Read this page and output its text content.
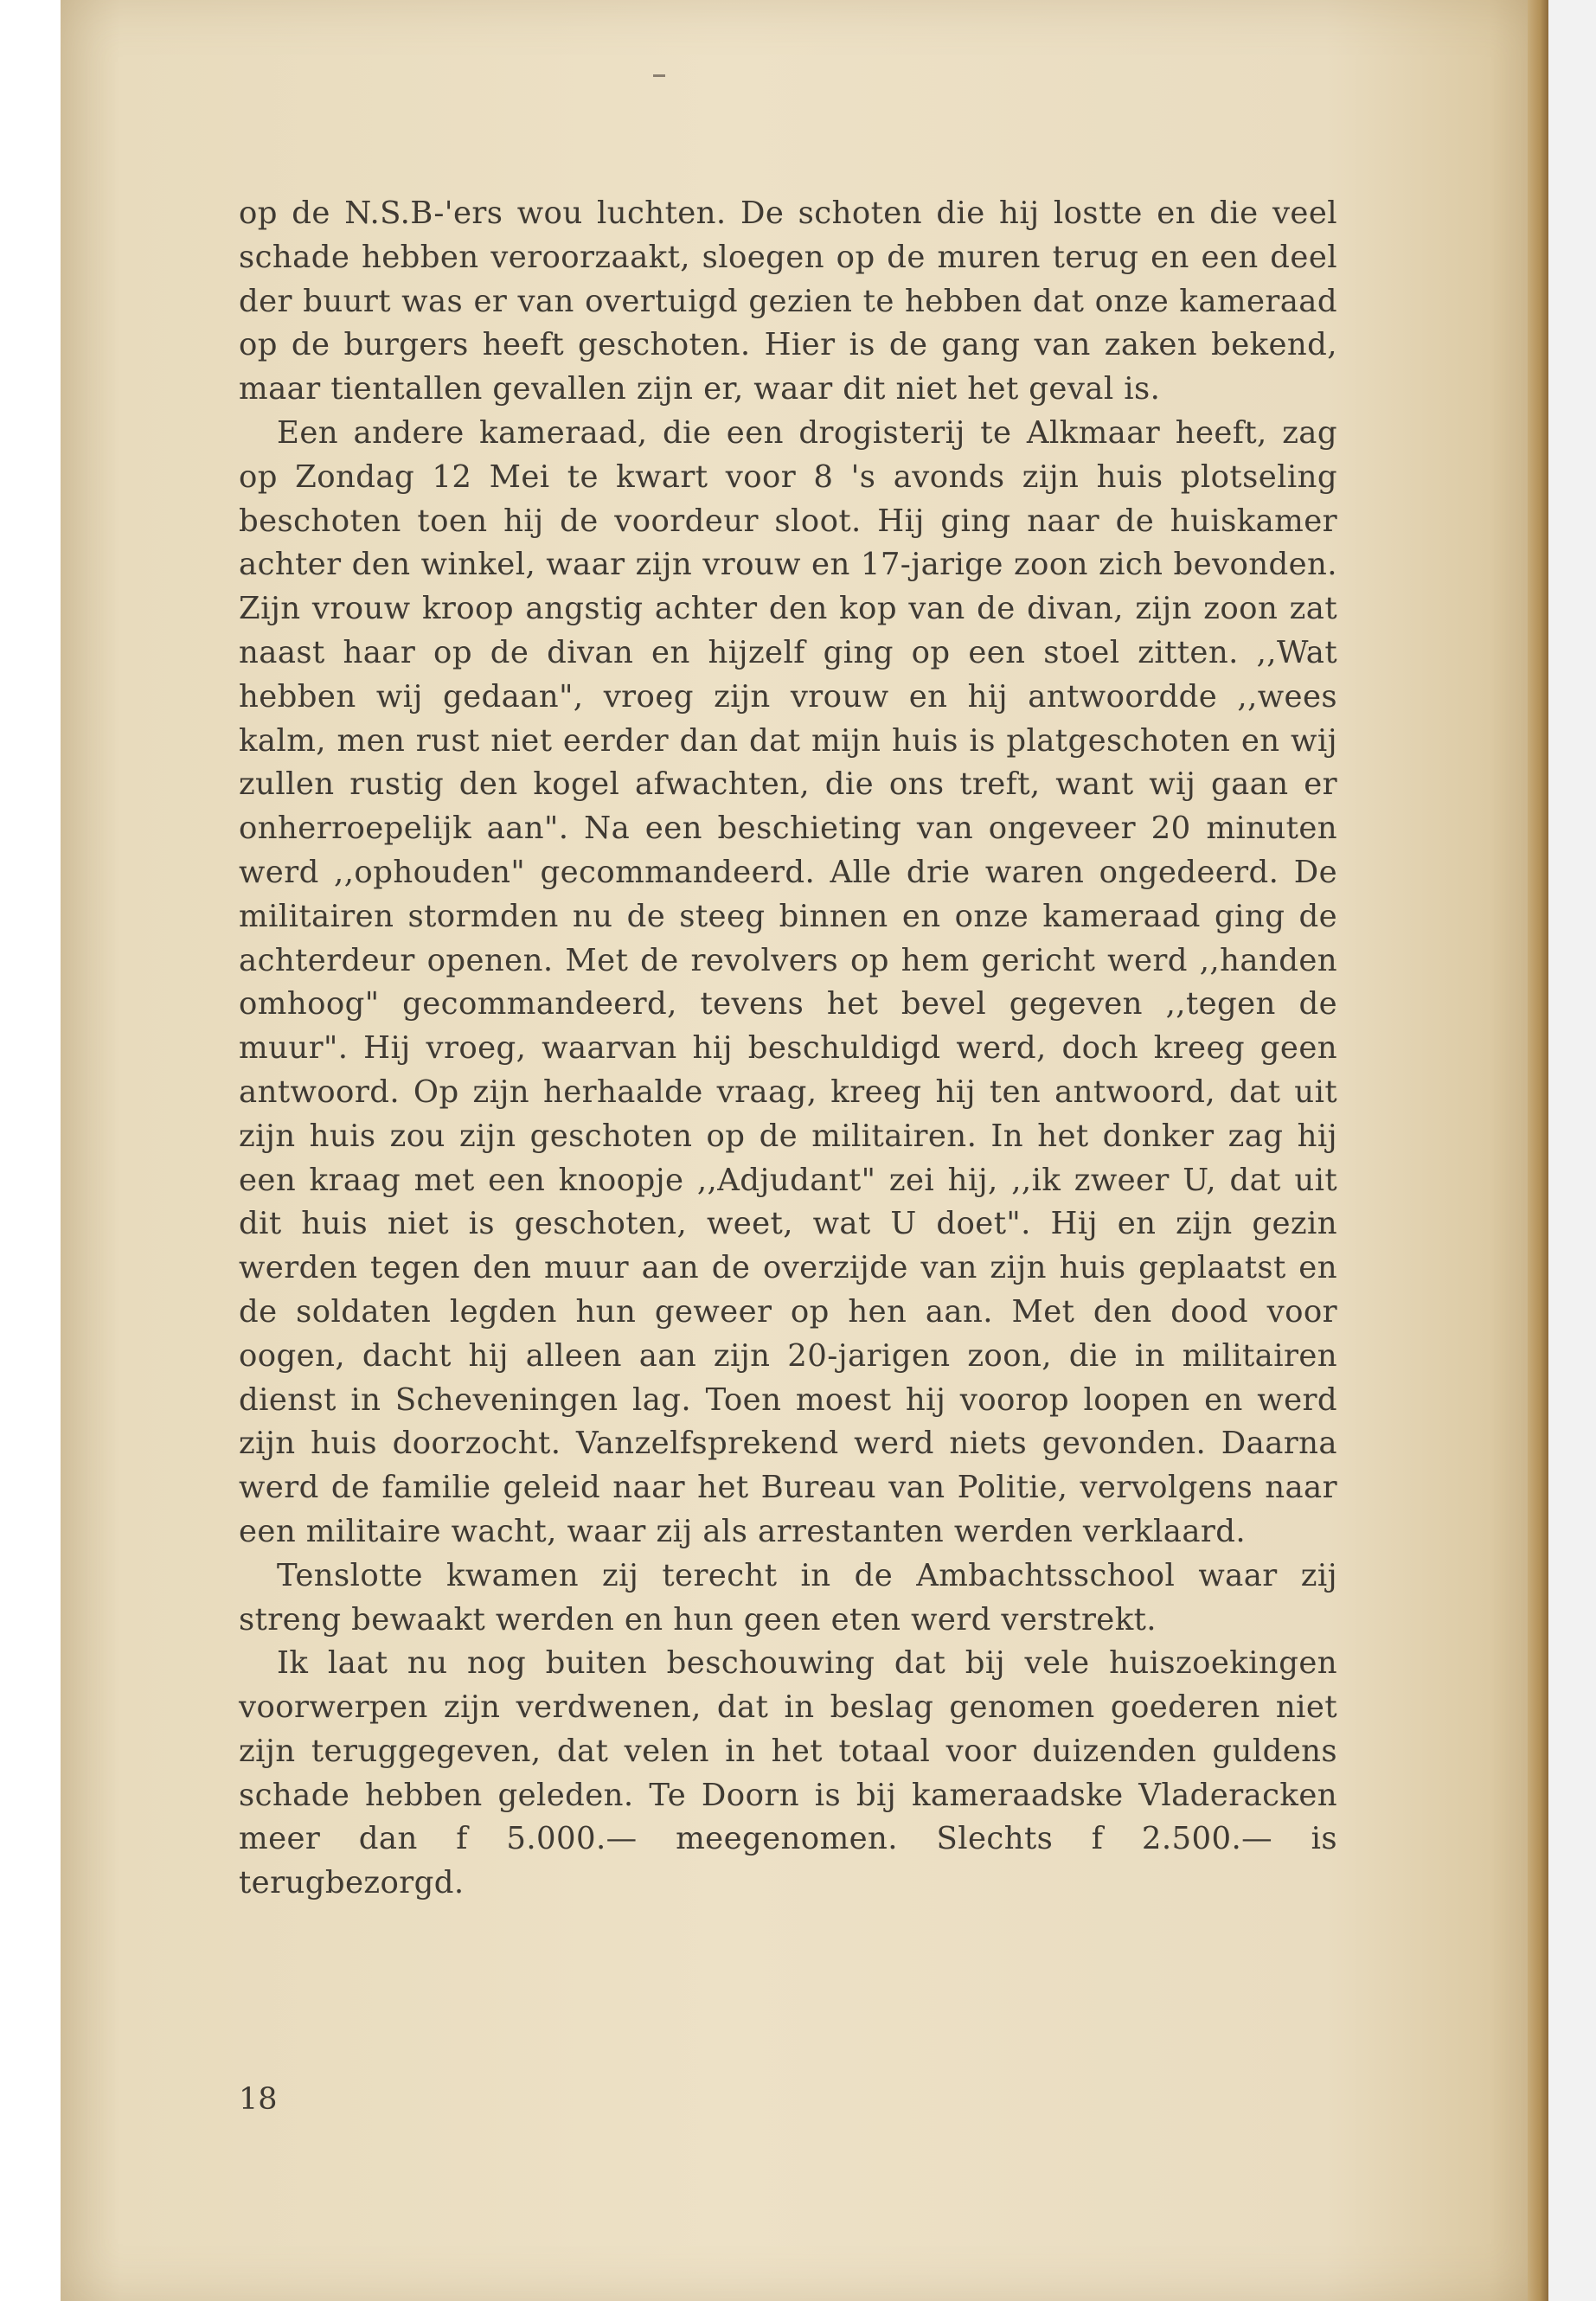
op de N.S.B-'ers wou luchten. De schoten die hij lostte en die veel schade hebben veroorzaakt, sloegen op de muren terug en een deel der buurt was er van overtuigd gezien te hebben dat onze kameraad op de burgers heeft geschoten. Hier is de gang van zaken bekend, maar tientallen gevallen zijn er, waar dit niet het geval is.

Een andere kameraad, die een drogisterij te Alkmaar heeft, zag op Zondag 12 Mei te kwart voor 8 's avonds zijn huis plotseling beschoten toen hij de voordeur sloot. Hij ging naar de huiskamer achter den winkel, waar zijn vrouw en 17-jarige zoon zich bevonden. Zijn vrouw kroop angstig achter den kop van de divan, zijn zoon zat naast haar op de divan en hijzelf ging op een stoel zitten. ,,Wat hebben wij gedaan", vroeg zijn vrouw en hij antwoordde ,,wees kalm, men rust niet eerder dan dat mijn huis is platgeschoten en wij zullen rustig den kogel afwachten, die ons treft, want wij gaan er onherroepelijk aan". Na een beschieting van ongeveer 20 minuten werd ,,ophouden" gecommandeerd. Alle drie waren ongedeerd. De militairen stormden nu de steeg binnen en onze kameraad ging de achterdeur openen. Met de revolvers op hem gericht werd ,,handen omhoog" gecommandeerd, tevens het bevel gegeven ,,tegen de muur". Hij vroeg, waarvan hij beschuldigd werd, doch kreeg geen antwoord. Op zijn herhaalde vraag, kreeg hij ten antwoord, dat uit zijn huis zou zijn geschoten op de militairen. In het donker zag hij een kraag met een knoopje ,,Adjudant" zei hij, ,,ik zweer U, dat uit dit huis niet is geschoten, weet, wat U doet". Hij en zijn gezin werden tegen den muur aan de overzijde van zijn huis geplaatst en de soldaten legden hun geweer op hen aan. Met den dood voor oogen, dacht hij alleen aan zijn 20-jarigen zoon, die in militairen dienst in Scheveningen lag. Toen moest hij voorop loopen en werd zijn huis doorzocht. Vanzelfsprekend werd niets gevonden. Daarna werd de familie geleid naar het Bureau van Politie, vervolgens naar een militaire wacht, waar zij als arrestanten werden verklaard.

Tenslotte kwamen zij terecht in de Ambachtsschool waar zij streng bewaakt werden en hun geen eten werd verstrekt.

Ik laat nu nog buiten beschouwing dat bij vele huiszoekingen voorwerpen zijn verdwenen, dat in beslag genomen goederen niet zijn teruggegeven, dat velen in het totaal voor duizenden guldens schade hebben geleden. Te Doorn is bij kameraadske Vladeracken meer dan f 5.000.— meegenomen. Slechts f 2.500.— is terugbezorgd.

18
